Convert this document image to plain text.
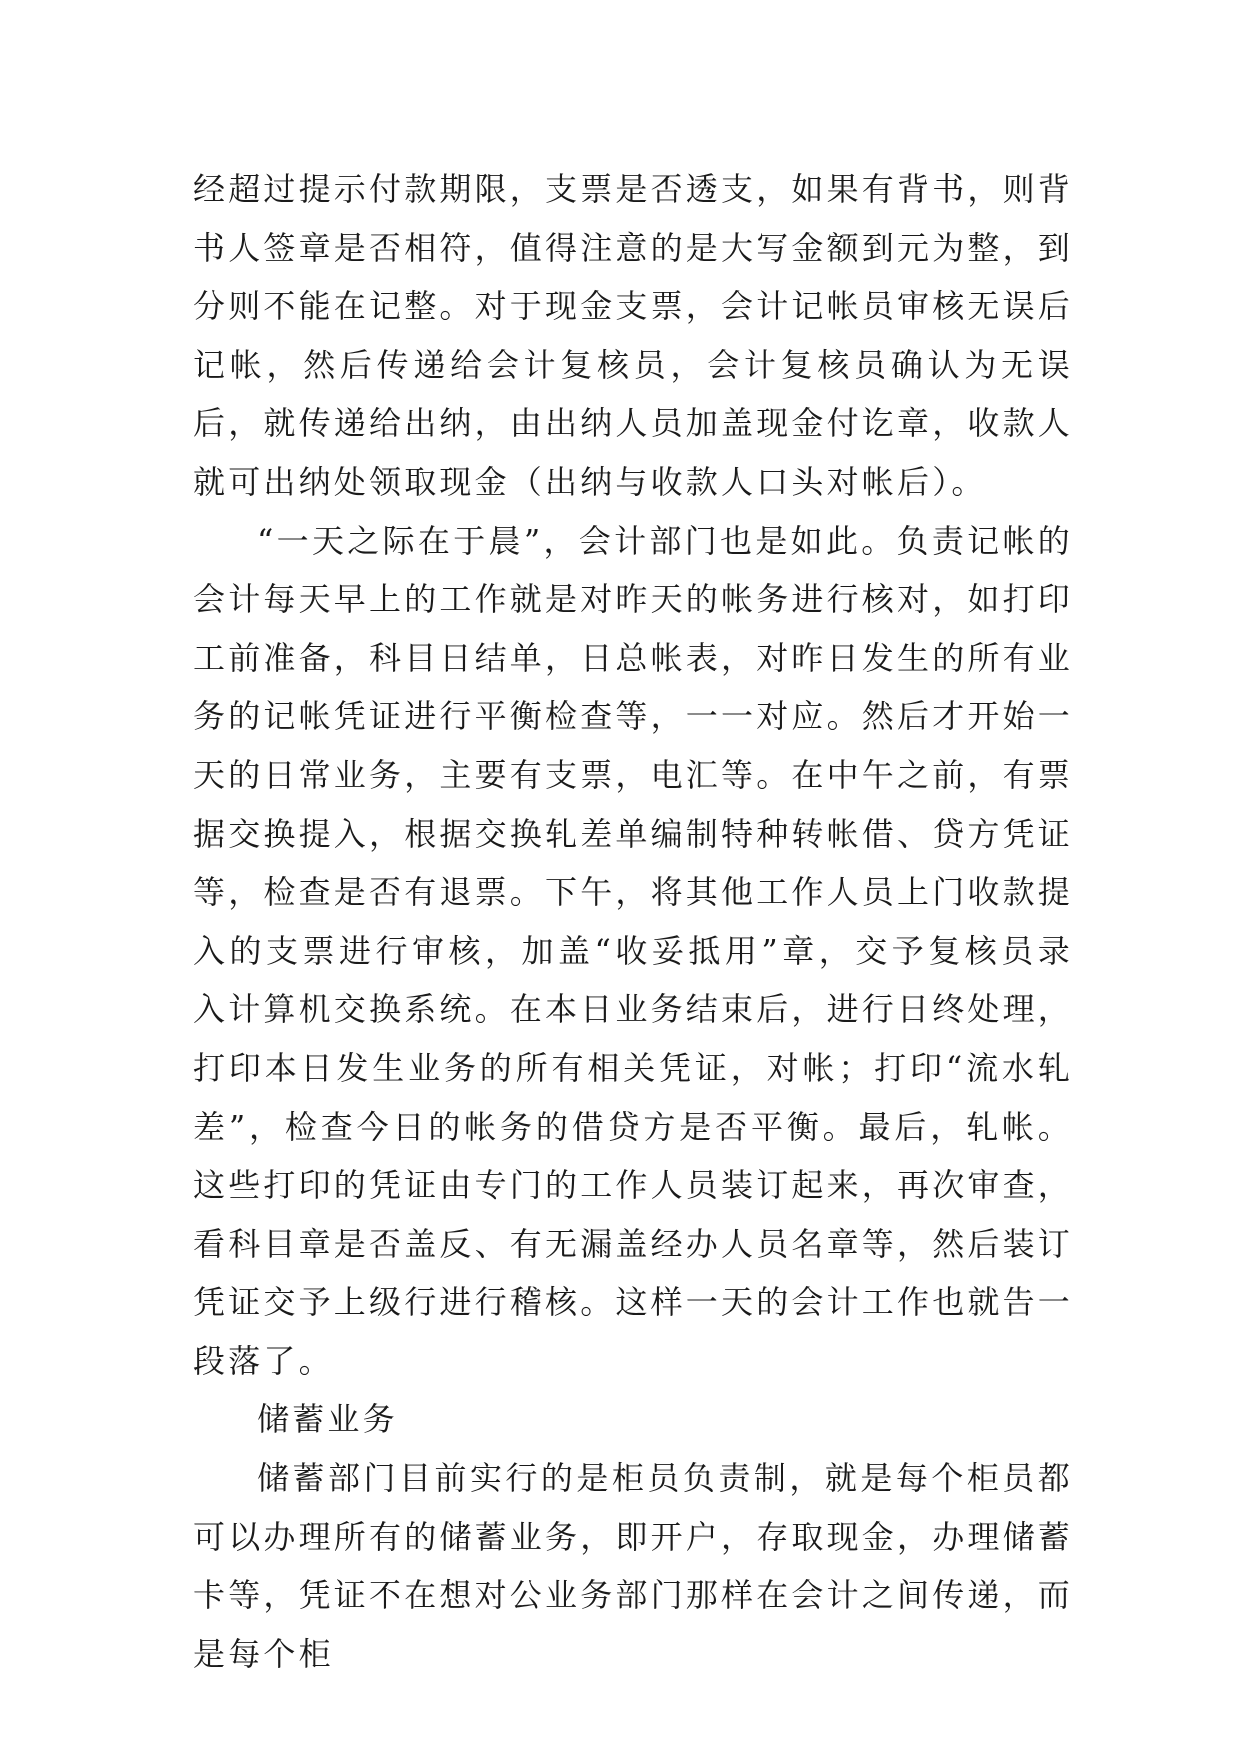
经超过提示付款期限，支票是否透支，如果有背书，则背书人签章是否相符，值得注意的是大写金额到元为整，到分则不能在记整。对于现金支票，会计记帐员审核无误后记帐，然后传递给会计复核员，会计复核员确认为无误后，就传递给出纳，由出纳人员加盖现金付讫章，收款人就可出纳处领取现金（出纳与收款人口头对帐后）。

“一天之际在于晨”，会计部门也是如此。负责记帐的会计每天早上的工作就是对昨天的帐务进行核对，如打印工前准备，科目日结单，日总帐表，对昨日发生的所有业务的记帐凭证进行平衡检查等，一一对应。然后才开始一天的日常业务，主要有支票，电汇等。在中午之前，有票据交换提入，根据交换轧差单编制特种转帐借、贷方凭证等，检查是否有退票。下午，将其他工作人员上门收款提入的支票进行审核，加盖“收妥抵用”章，交予复核员录入计算机交换系统。在本日业务结束后，进行日终处理，打印本日发生业务的所有相关凭证，对帐；打印“流水轧差”，检查今日的帐务的借贷方是否平衡。最后，轧帐。这些打印的凭证由专门的工作人员装订起来，再次审查，看科目章是否盖反、有无漏盖经办人员名章等，然后装订凭证交予上级行进行稽核。这样一天的会计工作也就告一段落了。

储蓄业务

储蓄部门目前实行的是柜员负责制，就是每个柜员都可以办理所有的储蓄业务，即开户，存取现金，办理储蓄卡等，凭证不在想对公业务部门那样在会计之间传递，而是每个柜
